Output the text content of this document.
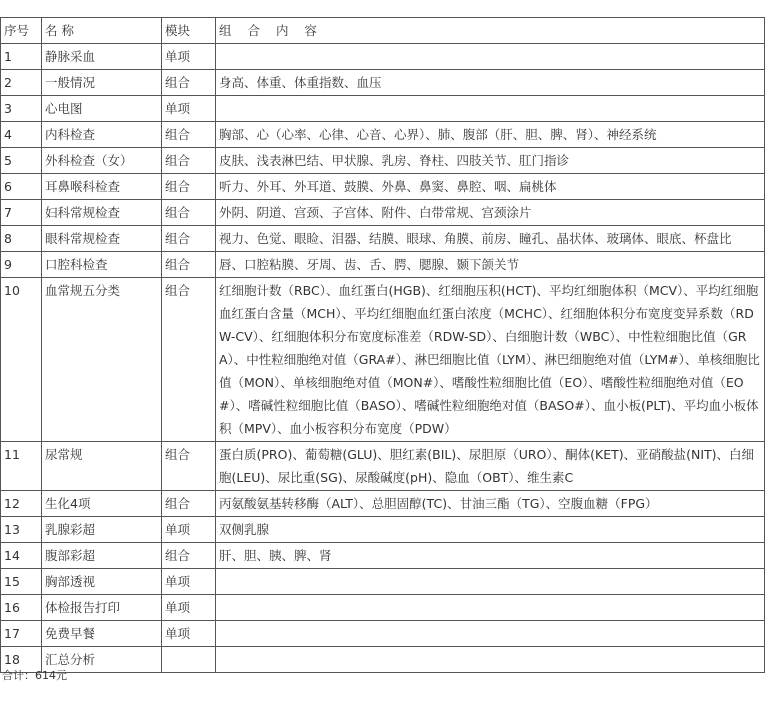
序号	名 称	模块	组 合 内 容
1	静脉采血	单项	
2	一般情况	组合	身高、体重、体重指数、血压
3	心电图	单项	
4	内科检查	组合	胸部、心（心率、心律、心音、心界）、肺、腹部（肝、胆、脾、肾）、神经系统
5	外科检查（女）	组合	皮肤、浅表淋巴结、甲状腺、乳房、脊柱、四肢关节、肛门指诊
6	耳鼻喉科检查	组合	听力、外耳、外耳道、鼓膜、外鼻、鼻窦、鼻腔、咽、扁桃体
7	妇科常规检查	组合	外阴、阴道、宫颈、子宫体、附件、白带常规、宫颈涂片
8	眼科常规检查	组合	视力、色觉、眼睑、泪器、结膜、眼球、角膜、前房、瞳孔、晶状体、玻璃体、眼底、杯盘比
9	口腔科检查	组合	唇、口腔粘膜、牙周、齿、舌、腭、腮腺、颞下颌关节
10	血常规五分类	组合	红细胞计数（RBC）、血红蛋白(HGB)、红细胞压积(HCT)、平均红细胞体积（MCV）、平均红细胞血红蛋白含量（MCH）、平均红细胞血红蛋白浓度（MCHC）、红细胞体积分布宽度变异系数（RDW-CV）、红细胞体积分布宽度标准差（RDW-SD）、白细胞计数（WBC）、中性粒细胞比值（GRA）、中性粒细胞绝对值（GRA#）、淋巴细胞比值（LYM）、淋巴细胞绝对值（LYM#）、单核细胞比值（MON）、单核细胞绝对值（MON#）、嗜酸性粒细胞比值（EO）、嗜酸性粒细胞绝对值（EO#）、嗜碱性粒细胞比值（BASO）、嗜碱性粒细胞绝对值（BASO#）、血小板(PLT)、平均血小板体积（MPV）、血小板容积分布宽度（PDW）
11	尿常规	组合	蛋白质(PRO)、葡萄糖(GLU)、胆红素(BIL)、尿胆原（URO）、酮体(KET)、亚硝酸盐(NIT)、白细胞(LEU)、尿比重(SG)、尿酸碱度(pH)、隐血（OBT）、维生素C
12	生化4项	组合	丙氨酸氨基转移酶（ALT）、总胆固醇(TC)、甘油三酯（TG）、空腹血糖（FPG）
13	乳腺彩超	单项	双侧乳腺
14	腹部彩超	组合	肝、胆、胰、脾、肾
15	胸部透视	单项	
16	体检报告打印	单项	
17	免费早餐	单项	
18	汇总分析		
合计：614元
